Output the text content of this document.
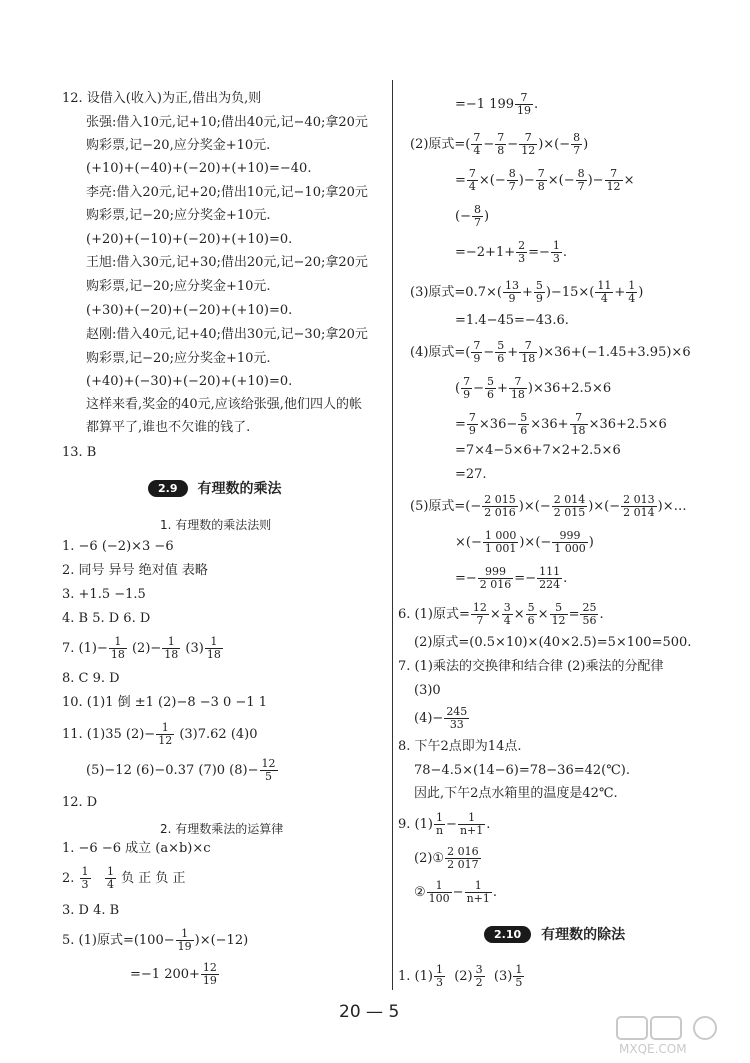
12. 设借入(收入)为正,借出为负,则
张强:借入10元,记+10;借出40元,记−40;拿20元
购彩票,记−20,应分奖金+10元.
(+10)+(−40)+(−20)+(+10)=−40.
李亮:借入20元,记+20;借出10元,记−10;拿20元
购彩票,记−20;应分奖金+10元.
(+20)+(−10)+(−20)+(+10)=0.
王旭:借入30元,记+30;借出20元,记−20;拿20元
购彩票,记−20;应分奖金+10元.
(+30)+(−20)+(−20)+(+10)=0.
赵刚:借入40元,记+40;借出30元,记−30;拿20元
购彩票,记−20;应分奖金+10元.
(+40)+(−30)+(−20)+(+10)=0.
这样来看,奖金的40元,应该给张强,他们四人的帐
都算平了,谁也不欠谁的钱了.
13. B
2.9	有理数的乘法
1. 有理数的乘法法则
1. −6 (−2)×3 −6
2. 同号 异号 绝对值 表略
3. +1.5 −1.5
4. B 5. D 6. D
7. $(1)- \frac{1}{18} (2)- \frac{1}{18} (3) \frac{1}{18}$
8. C 9. D
10. (1)1 倒 ±1 (2)−8 −3 0 −1 1
11. (1)35 $(2)- \frac{1}{12} (3)7.62$ (4)0
(5)−12 (6)−0.37 (7)0 $(8)- \frac{12}{5}$
12. D
2. 有理数乘法的运算律
1. −6 −6 成立 (a×b)×c
2. $\frac{1}{3}$
$\frac{1}{4}$ 负 正 负 正
3. D 4. B
5. (1)原式$=(100- \frac{1}{19} )\times(-12)$
=−1 $200+ \frac{12}{19}$
=−1 $199 \frac{7}{19}$ .
(2)原式=( $\frac{7}{4} - \frac{7}{8} - \frac{7}{12}$ )×(− $\frac{8}{7}$ )
= $\frac{7}{4}$ ×(− $\frac{8}{7}$ )− $\frac{7}{8}$ ×(− $\frac{8}{7}$ )− $\frac{7}{12}$ ×
(− $\frac{8}{7}$ )
$=-2+1+ \frac{2}{3} =- \frac{1}{3}$ .
(3)原式$=0.7\times( \frac{13}{9} + \frac{5}{9} )-15\times( \frac{11}{4} + \frac{1}{4}$ )
=1.4−45=−43.6.
(4)原式=( $\frac{7}{9} - \frac{5}{6} + \frac{7}{18} )\times 36+(-1.45+3.95)\times 6$
( $\frac{7}{9} - \frac{5}{6} + \frac{7}{18} )\times 36+2.5\times 6$
= $\frac{7}{9} \times 36- \frac{5}{6} \times 36+ \frac{7}{18} \times 36+2.5\times 6$
=7×4−5×6+7×2+2.5×6
=27.
(5)原式=(− $\frac{2 015}{2 016}$ )×(− $\frac{2 014}{2 015}$ )×(− $\frac{2 013}{2 014}$ )×…
×(− $\frac{1 000}{1 001}$ )×(− $\frac{999}{1 000}$ )
=− $\frac{999}{2 016} =- \frac{111}{224}$ .
6. (1)原式= $\frac{12}{7} \times \frac{3}{4} \times \frac{5}{6} \times \frac{5}{12} = \frac{25}{56}$ .
(2)原式=(0.5×10)×(40×2.5)=5×100=500.
7. (1)乘法的交换律和结合律 (2)乘法的分配律
(3)0
$(4)- \frac{245}{33}$
8. 下午2点即为14点.
78−4.5×(14−6)=78−36=42(℃).
因此,下午2点水箱里的温度是42℃.
9. $(1) \frac{1}{n} - \frac{1}{n+1}$ .
(2)① $\frac{2 016}{2 017}$
② $\frac{1}{100} - \frac{1}{n+1}$ .
2.10	有理数的除法
1. $(1) \frac{1}{3} (2) \frac{3}{2} (3) \frac{1}{5}$
20 — 5
MXQE.COM
